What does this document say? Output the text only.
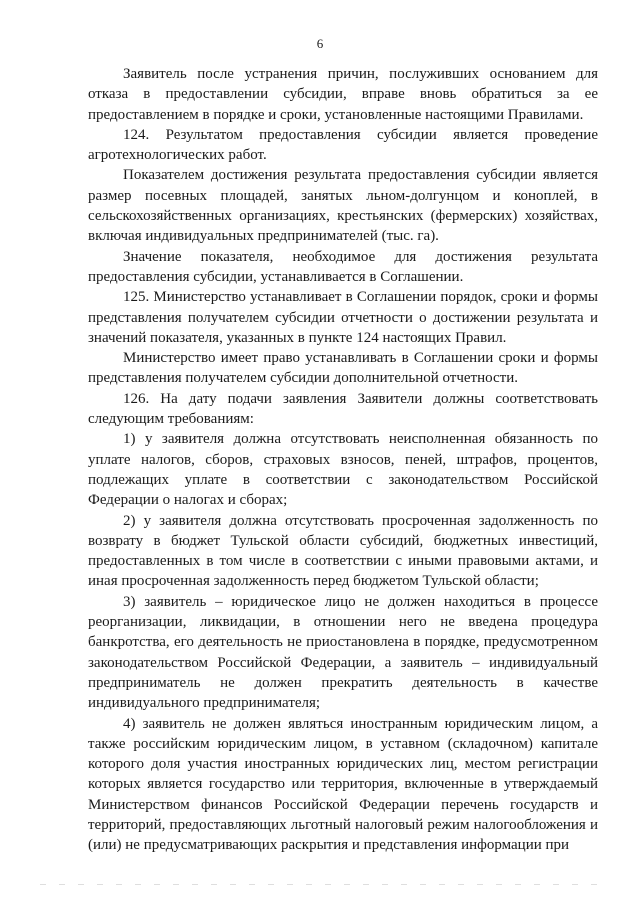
6

Заявитель после устранения причин, послуживших основанием для отказа в предоставлении субсидии, вправе вновь обратиться за ее предоставлением в порядке и сроки, установленные настоящими Правилами.

124. Результатом предоставления субсидии является проведение агротехнологических работ.

Показателем достижения результата предоставления субсидии является размер посевных площадей, занятых льном-долгунцом и коноплей, в сельскохозяйственных организациях, крестьянских (фермерских) хозяйствах, включая индивидуальных предпринимателей (тыс. га).

Значение показателя, необходимое для достижения результата предоставления субсидии, устанавливается в Соглашении.

125. Министерство устанавливает в Соглашении порядок, сроки и формы представления получателем субсидии отчетности о достижении результата и значений показателя, указанных в пункте 124 настоящих Правил.

Министерство имеет право устанавливать в Соглашении сроки и формы представления получателем субсидии дополнительной отчетности.

126. На дату подачи заявления Заявители должны соответствовать следующим требованиям:

1) у заявителя должна отсутствовать неисполненная обязанность по уплате налогов, сборов, страховых взносов, пеней, штрафов, процентов, подлежащих уплате в соответствии с законодательством Российской Федерации о налогах и сборах;

2) у заявителя должна отсутствовать просроченная задолженность по возврату в бюджет Тульской области субсидий, бюджетных инвестиций, предоставленных в том числе в соответствии с иными правовыми актами, и иная просроченная задолженность перед бюджетом Тульской области;

3) заявитель – юридическое лицо не должен находиться в процессе реорганизации, ликвидации, в отношении него не введена процедура банкротства, его деятельность не приостановлена в порядке, предусмотренном законодательством Российской Федерации, а заявитель – индивидуальный предприниматель не должен прекратить деятельность в качестве индивидуального предпринимателя;

4) заявитель не должен являться иностранным юридическим лицом, а также российским юридическим лицом, в уставном (складочном) капитале которого доля участия иностранных юридических лиц, местом регистрации которых является государство или территория, включенные в утверждаемый Министерством финансов Российской Федерации перечень государств и территорий, предоставляющих льготный налоговый режим налогообложения и (или) не предусматривающих раскрытия и представления информации при
